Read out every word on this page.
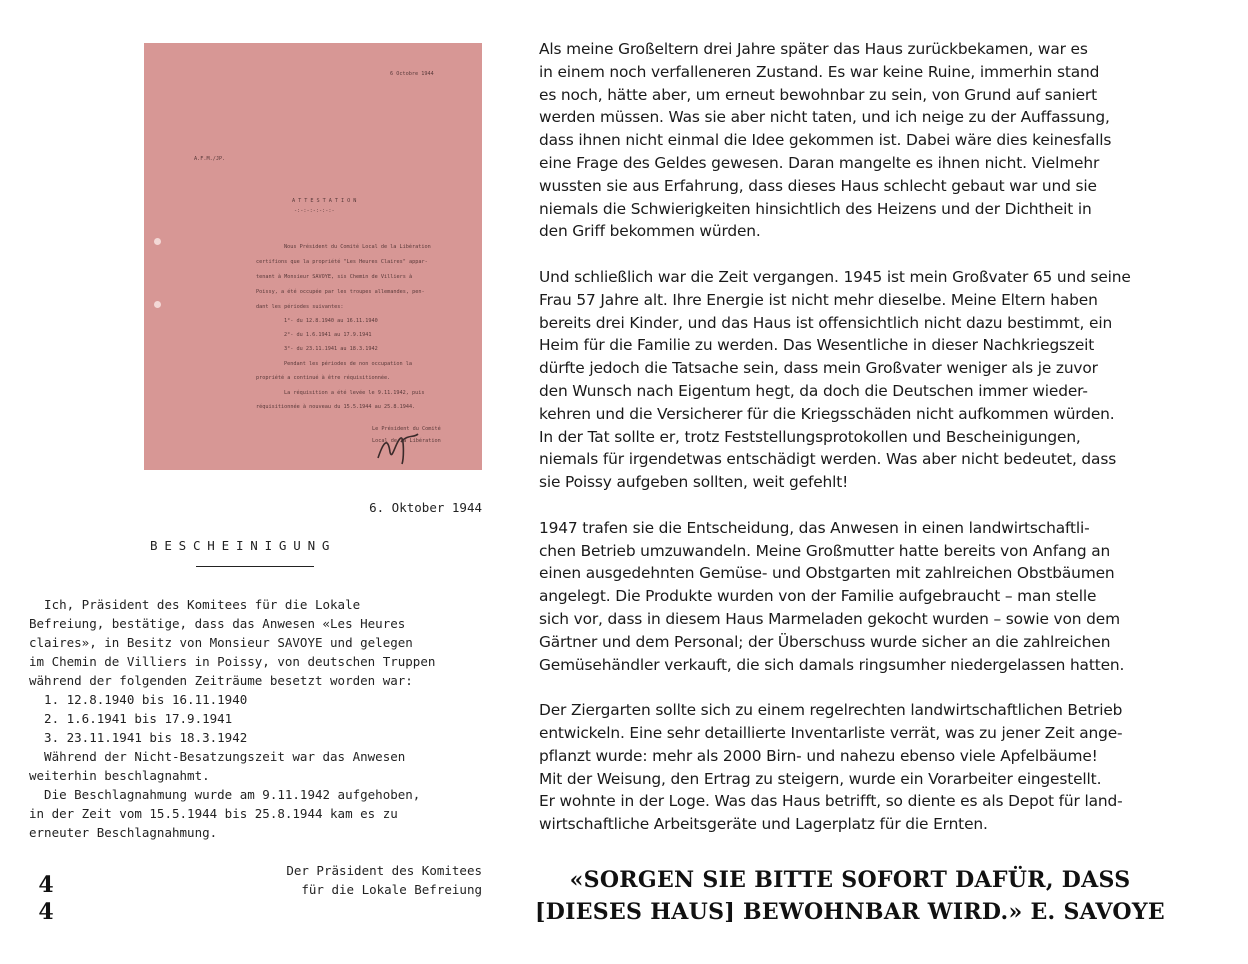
6 Octobre 1944
A.F.M./JP.
ATTESTATION
-:-:-:-:-:-:-
Nous Président du Comité Local de la Libération
certifions que la propriété "Les Heures Claires" appar-
tenant à Monsieur SAVOYE, sis Chemin de Villiers à
Poissy, a été occupée par les troupes allemandes, pen-
dant les périodes suivantes:
1°- du 12.8.1940 au 16.11.1940
2°- du 1.6.1941 au 17.9.1941
3°- du 23.11.1941 au 18.3.1942
Pendant les périodes de non occupation la
propriété a continué à être réquisitionnée.
La réquisition a été levée le 9.11.1942, puis
réquisitionnée à nouveau du 15.5.1944 au 25.8.1944.
Le Président du Comité
Local de la Libération
6. Oktober 1944
BESCHEINIGUNG
Ich, Präsident des Komitees für die Lokale
Befreiung, bestätige, dass das Anwesen «Les Heures
claires», in Besitz von Monsieur SAVOYE und gelegen
im Chemin de Villiers in Poissy, von deutschen Truppen
während der folgenden Zeiträume besetzt worden war:
1. 12.8.1940 bis 16.11.1940
2. 1.6.1941 bis 17.9.1941
3. 23.11.1941 bis 18.3.1942
Während der Nicht-Besatzungszeit war das Anwesen
weiterhin beschlagnahmt.
Die Beschlagnahmung wurde am 9.11.1942 aufgehoben,
in der Zeit vom 15.5.1944 bis 25.8.1944 kam es zu
erneuter Beschlagnahmung.
Der Präsident des Komitees
für die Lokale Befreiung
4
4

Als meine Großeltern drei Jahre später das Haus zurückbekamen, war es
in einem noch verfalleneren Zustand. Es war keine Ruine, immerhin stand
es noch, hätte aber, um erneut bewohnbar zu sein, von Grund auf saniert
werden müssen. Was sie aber nicht taten, und ich neige zu der Auffassung,
dass ihnen nicht einmal die Idee gekommen ist. Dabei wäre dies keinesfalls
eine Frage des Geldes gewesen. Daran mangelte es ihnen nicht. Vielmehr
wussten sie aus Erfahrung, dass dieses Haus schlecht gebaut war und sie
niemals die Schwierigkeiten hinsichtlich des Heizens und der Dichtheit in
den Griff bekommen würden.

Und schließlich war die Zeit vergangen. 1945 ist mein Großvater 65 und seine
Frau 57 Jahre alt. Ihre Energie ist nicht mehr dieselbe. Meine Eltern haben
bereits drei Kinder, und das Haus ist offensichtlich nicht dazu bestimmt, ein
Heim für die Familie zu werden. Das Wesentliche in dieser Nachkriegszeit
dürfte jedoch die Tatsache sein, dass mein Großvater weniger als je zuvor
den Wunsch nach Eigentum hegt, da doch die Deutschen immer wieder-
kehren und die Versicherer für die Kriegsschäden nicht aufkommen würden.
In der Tat sollte er, trotz Feststellungsprotokollen und Bescheinigungen,
niemals für irgendetwas entschädigt werden. Was aber nicht bedeutet, dass
sie Poissy aufgeben sollten, weit gefehlt!

1947 trafen sie die Entscheidung, das Anwesen in einen landwirtschaftli-
chen Betrieb umzuwandeln. Meine Großmutter hatte bereits von Anfang an
einen ausgedehnten Gemüse- und Obstgarten mit zahlreichen Obstbäumen
angelegt. Die Produkte wurden von der Familie aufgebraucht – man stelle
sich vor, dass in diesem Haus Marmeladen gekocht wurden – sowie von dem
Gärtner und dem Personal; der Überschuss wurde sicher an die zahlreichen
Gemüsehändler verkauft, die sich damals ringsumher niedergelassen hatten.

Der Ziergarten sollte sich zu einem regelrechten landwirtschaftlichen Betrieb
entwickeln. Eine sehr detaillierte Inventarliste verrät, was zu jener Zeit ange-
pflanzt wurde: mehr als 2000 Birn- und nahezu ebenso viele Apfelbäume!
Mit der Weisung, den Ertrag zu steigern, wurde ein Vorarbeiter eingestellt.
Er wohnte in der Loge. Was das Haus betrifft, so diente es als Depot für land-
wirtschaftliche Arbeitsgeräte und Lagerplatz für die Ernten.

«SORGEN SIE BITTE SOFORT DAFÜR, DASS
[DIESES HAUS] BEWOHNBAR WIRD.» E. SAVOYE
